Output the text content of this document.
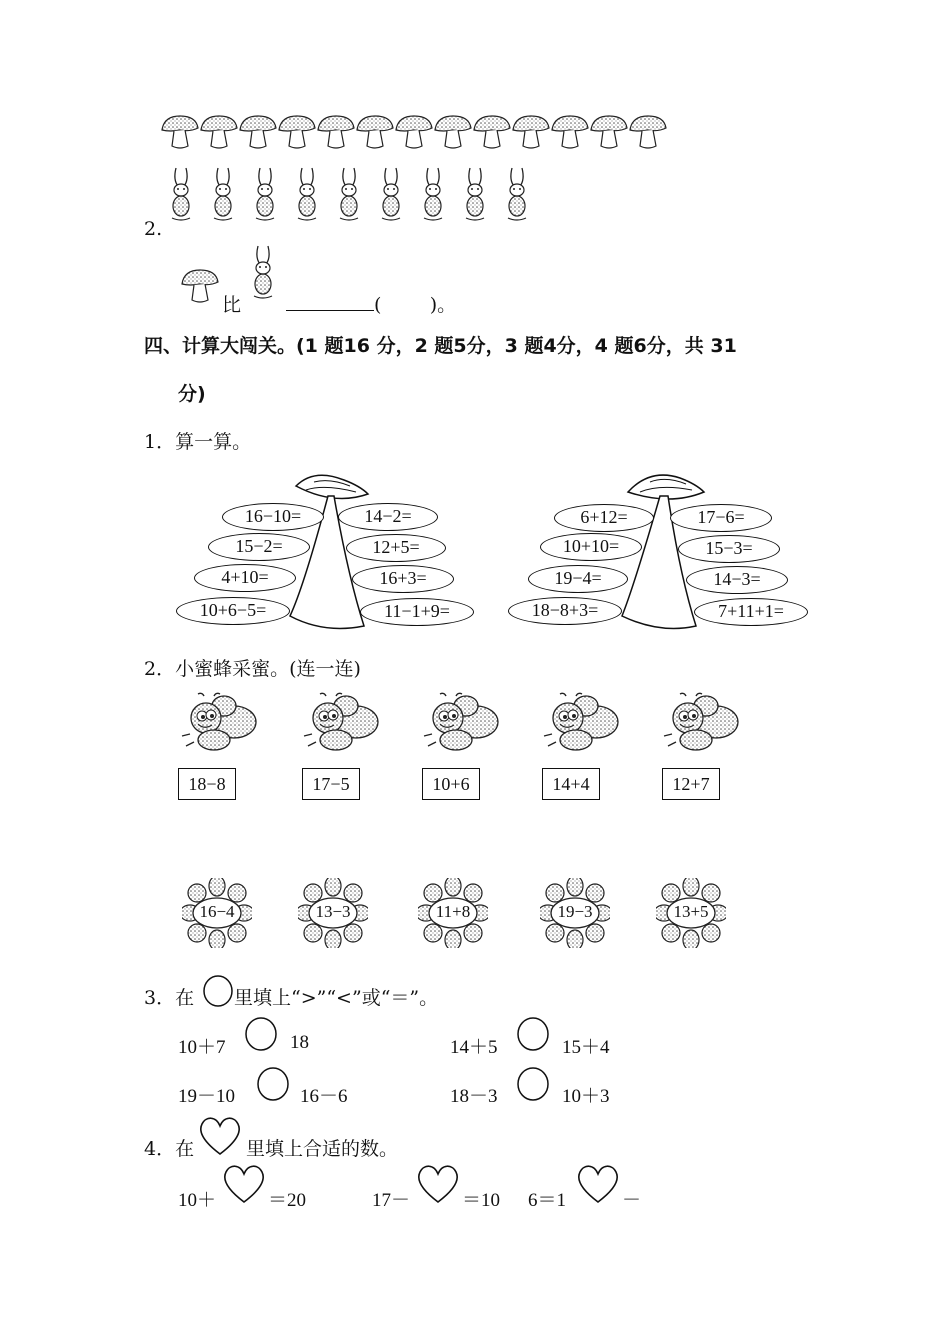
2.
比	(        )。
四、计算大闯关。(1 题16 分，2 题5分，3 题4分，4 题6分，共 31
分)
1．算一算。
16−10=
15−2=
4+10=
10+6−5=
14−2=
12+5=
16+3=
11−1+9=
6+12=
10+10=
19−4=
18−8+3=
17−6=
15−3=
14−3=
7+11+1=
2．小蜜蜂采蜜。(连一连)
18−8	17−5	10+6	14+4	12+7
16−4	13−3	11+8	19−3	13+5
3．在 里填上“>”“<”或“＝”。
10＋7	18	14＋5	15＋4
19－10	16－6	18－3	10＋3
4．在	里填上合适的数。
10＋	＝20	17－	＝10 6＝1	－
